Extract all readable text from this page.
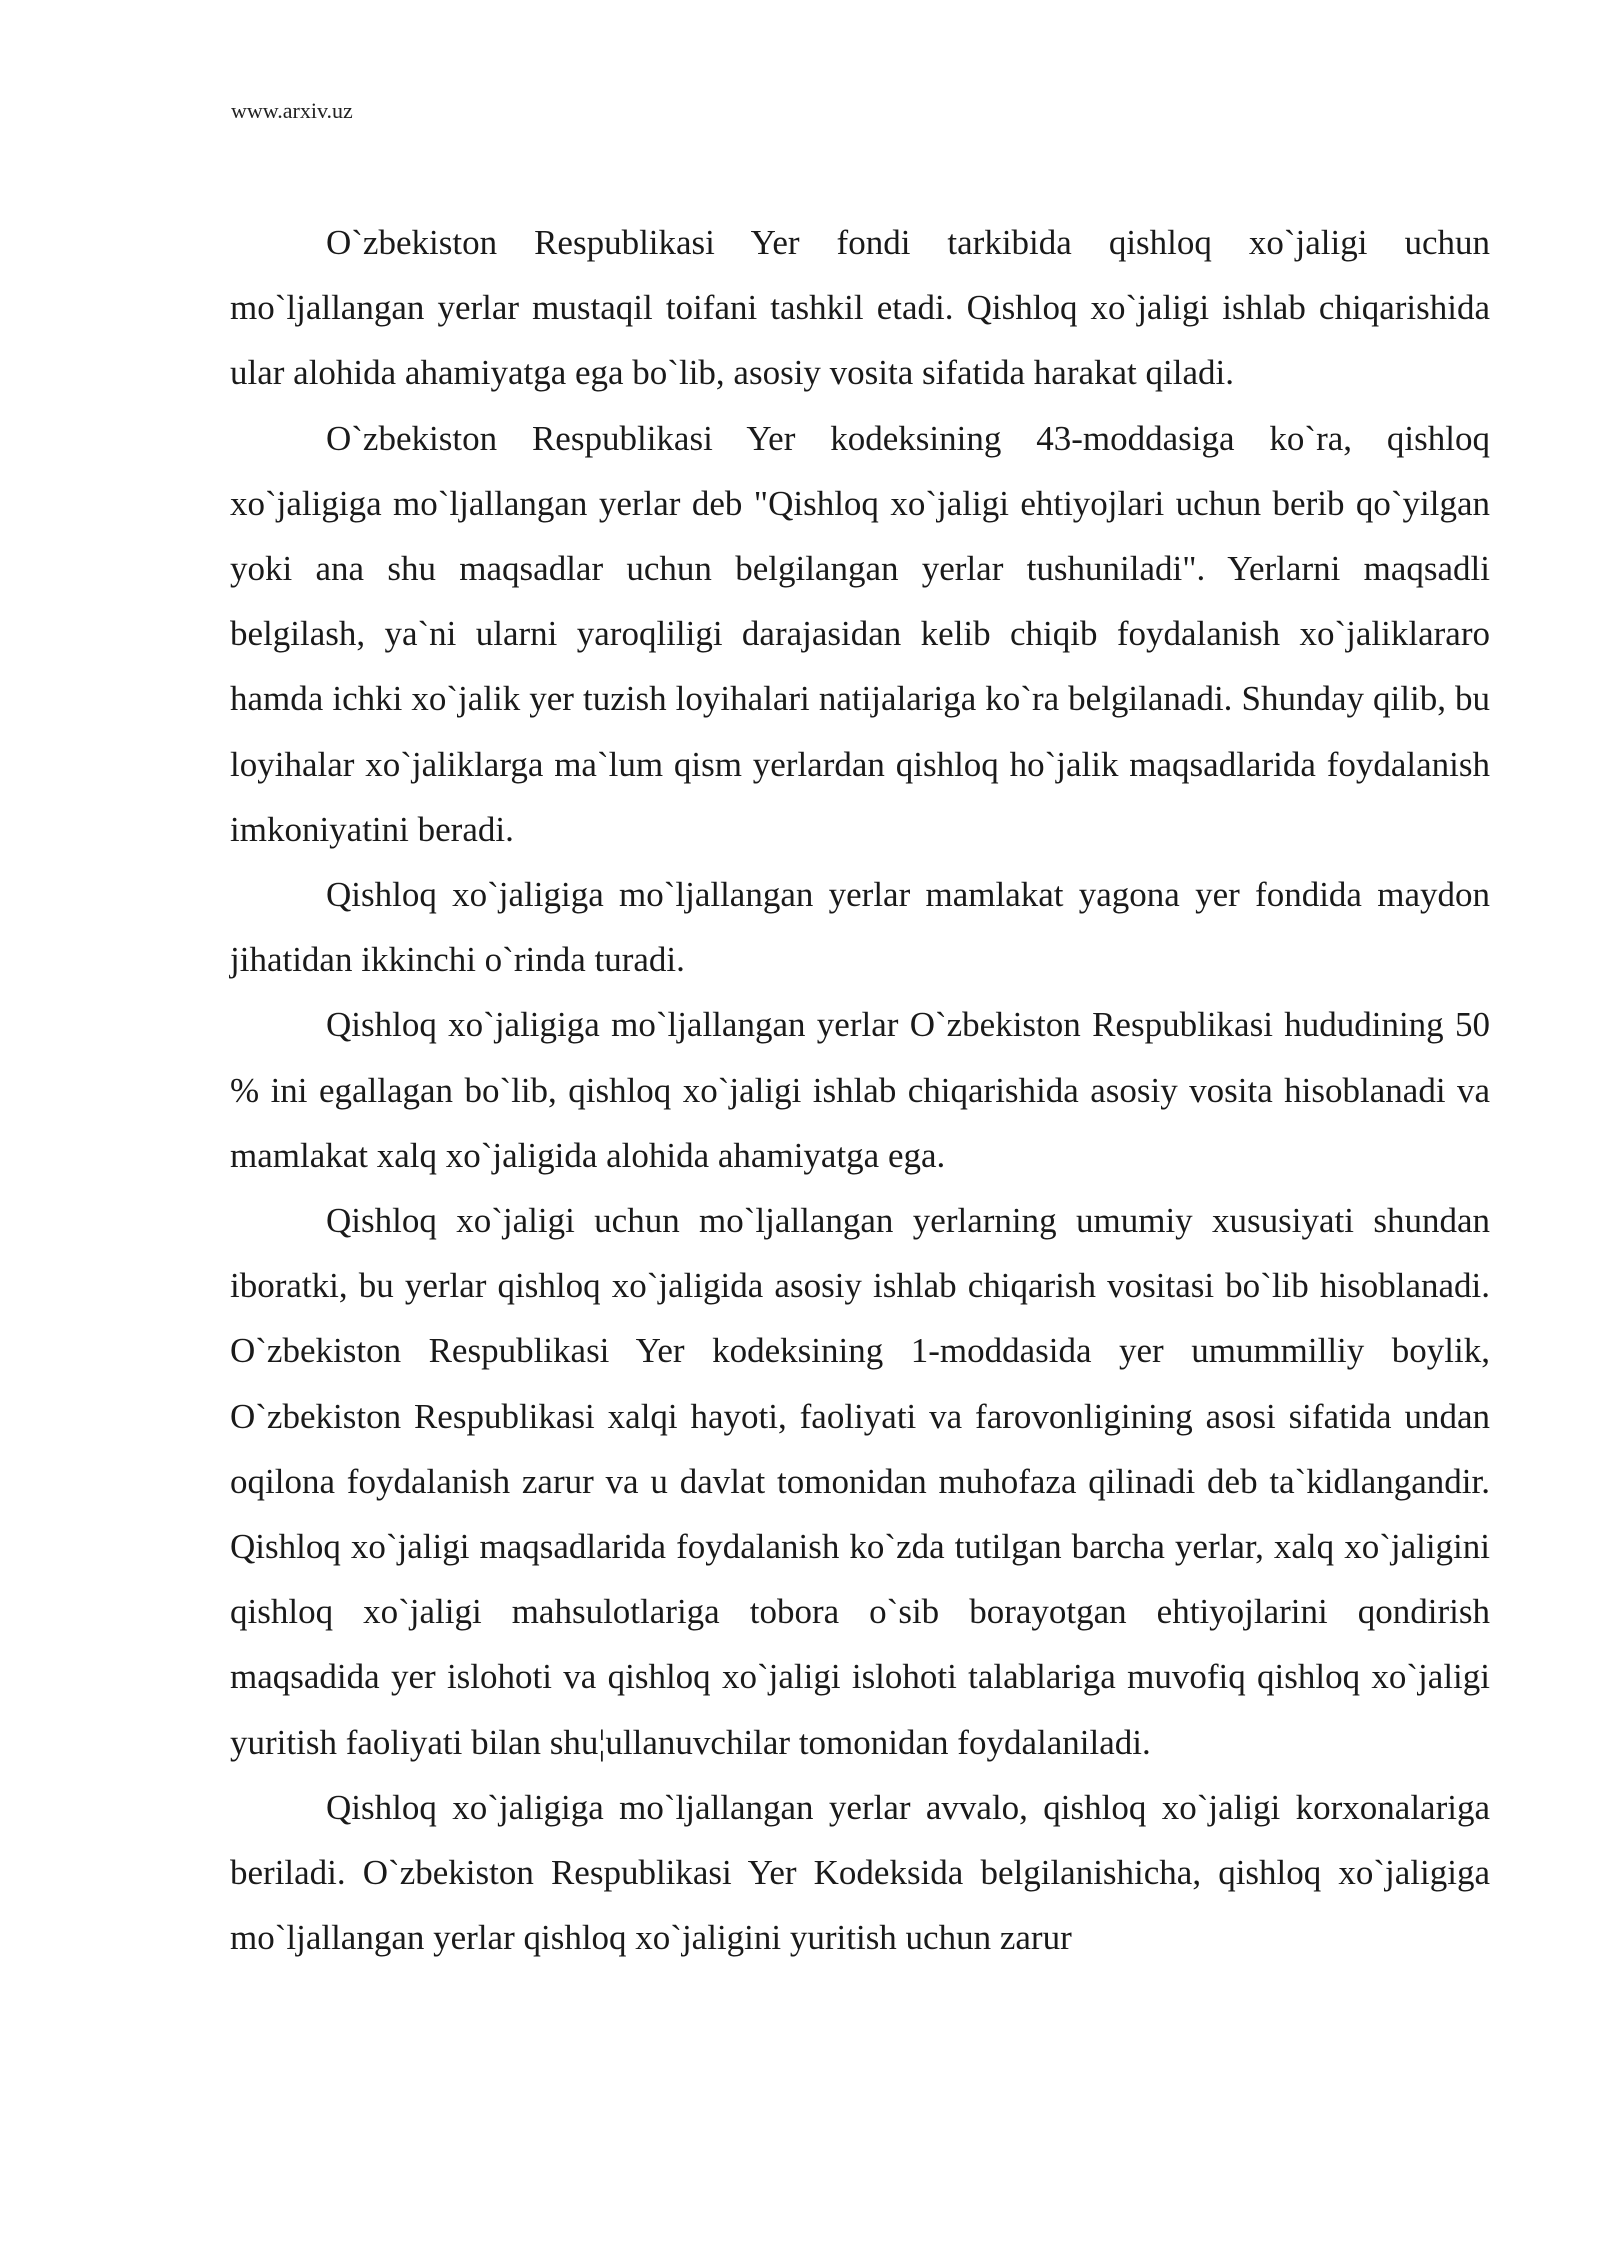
www.arxiv.uz

O`zbekiston Respublikasi Yer fondi tarkibida qishloq xo`jaligi uchun mo`ljallangan yerlar mustaqil toifani tashkil etadi. Qishloq xo`jaligi ishlab chiqarishida ular alohida ahamiyatga ega bo`lib, asosiy vosita sifatida harakat qiladi.

O`zbekiston Respublikasi Yer kodeksining 43-moddasiga ko`ra, qishloq xo`jaligiga mo`ljallangan yerlar deb "Qishloq xo`jaligi ehtiyojlari uchun berib qo`yilgan yoki ana shu maqsadlar uchun belgilangan yerlar tushuniladi". Yerlarni maqsadli belgilash, ya`ni ularni yaroqliligi darajasidan kelib chiqib foydalanish xo`jaliklararo hamda ichki xo`jalik yer tuzish loyihalari natijalariga ko`ra belgilanadi. Shunday qilib, bu loyihalar xo`jaliklarga ma`lum qism yerlardan qishloq ho`jalik maqsadlarida foydalanish imkoniyatini beradi.

Qishloq xo`jaligiga mo`ljallangan yerlar mamlakat yagona yer fondida maydon jihatidan ikkinchi o`rinda turadi.

Qishloq xo`jaligiga mo`ljallangan yerlar O`zbekiston Respublikasi hududining 50 % ini egallagan bo`lib, qishloq xo`jaligi ishlab chiqarishida asosiy vosita hisoblanadi va mamlakat xalq xo`jaligida alohida ahamiyatga ega.

Qishloq xo`jaligi uchun mo`ljallangan yerlarning umumiy xususiyati shundan iboratki, bu yerlar qishloq xo`jaligida asosiy ishlab chiqarish vositasi bo`lib hisoblanadi. O`zbekiston Respublikasi Yer kodeksining 1-moddasida yer umummilliy boylik, O`zbekiston Respublikasi xalqi hayoti, faoliyati va farovonligining asosi sifatida undan oqilona foydalanish zarur va u davlat tomonidan muhofaza qilinadi deb ta`kidlangandir. Qishloq xo`jaligi maqsadlarida foydalanish ko`zda tutilgan barcha yerlar, xalq xo`jaligini qishloq xo`jaligi mahsulotlariga tobora o`sib borayotgan ehtiyojlarini qondirish maqsadida yer islohoti va qishloq xo`jaligi islohoti talablariga muvofiq qishloq xo`jaligi yuritish faoliyati bilan shu¦ullanuvchilar tomonidan foydalaniladi.

Qishloq xo`jaligiga mo`ljallangan yerlar avvalo, qishloq xo`jaligi korxonalariga beriladi. O`zbekiston Respublikasi Yer Kodeksida belgilanishicha, qishloq xo`jaligiga mo`ljallangan yerlar qishloq xo`jaligini yuritish uchun zarur
